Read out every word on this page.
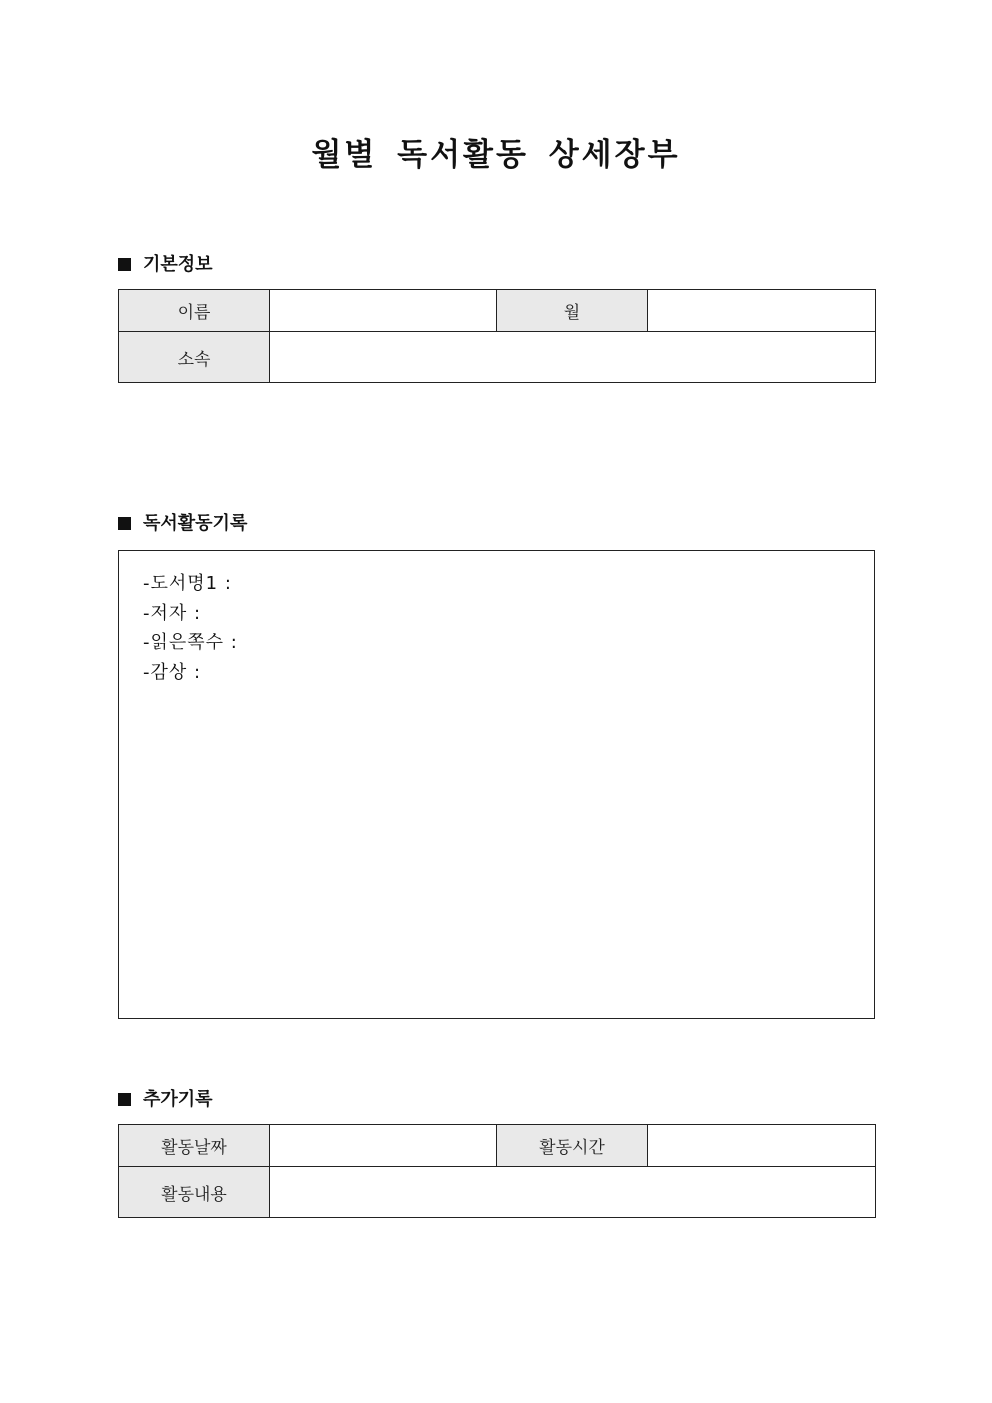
월별 독서활동 상세장부
기본정보
이름		월	
소속			
독서활동기록
-도서명1 :
-저자 :
-읽은쪽수 :
-감상 :
추가기록
활동날짜		활동시간	
활동내용			
